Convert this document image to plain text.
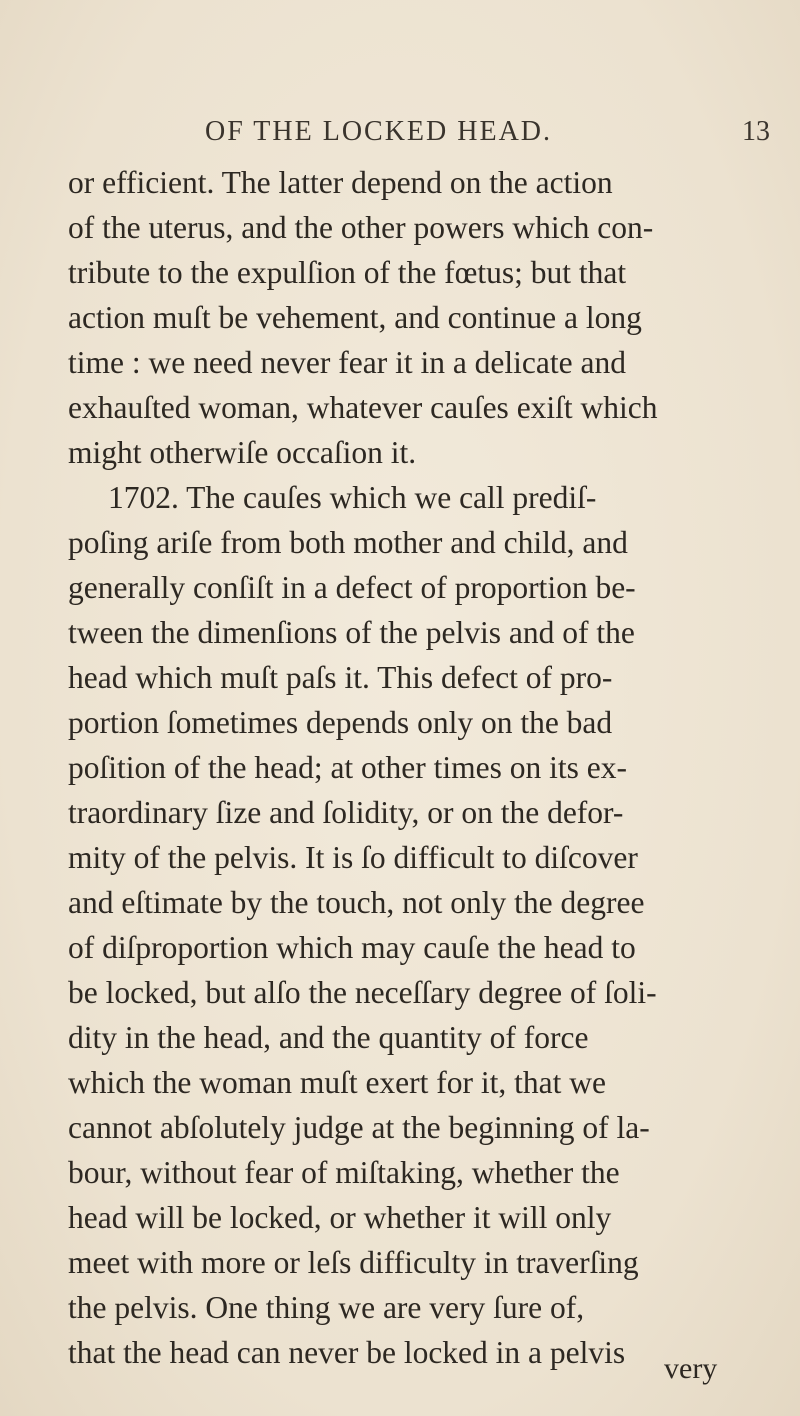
OF THE LOCKED HEAD.	13
or efficient. The latter depend on the action
of the uterus, and the other powers which con-
tribute to the expulſion of the fœtus; but that
action muſt be vehement, and continue a long
time : we need never fear it in a delicate and
exhauſted woman, whatever cauſes exiſt which
might otherwiſe occaſion it.
1702. The cauſes which we call prediſ-
poſing ariſe from both mother and child, and
generally conſiſt in a defect of proportion be-
tween the dimenſions of the pelvis and of the
head which muſt paſs it. This defect of pro-
portion ſometimes depends only on the bad
poſition of the head; at other times on its ex-
traordinary ſize and ſolidity, or on the defor-
mity of the pelvis. It is ſo difficult to diſcover
and eſtimate by the touch, not only the degree
of diſproportion which may cauſe the head to
be locked, but alſo the neceſſary degree of ſoli-
dity in the head, and the quantity of force
which the woman muſt exert for it, that we
cannot abſolutely judge at the beginning of la-
bour, without fear of miſtaking, whether the
head will be locked, or whether it will only
meet with more or leſs difficulty in traverſing
the pelvis. One thing we are very ſure of,
that the head can never be locked in a pelvis very
